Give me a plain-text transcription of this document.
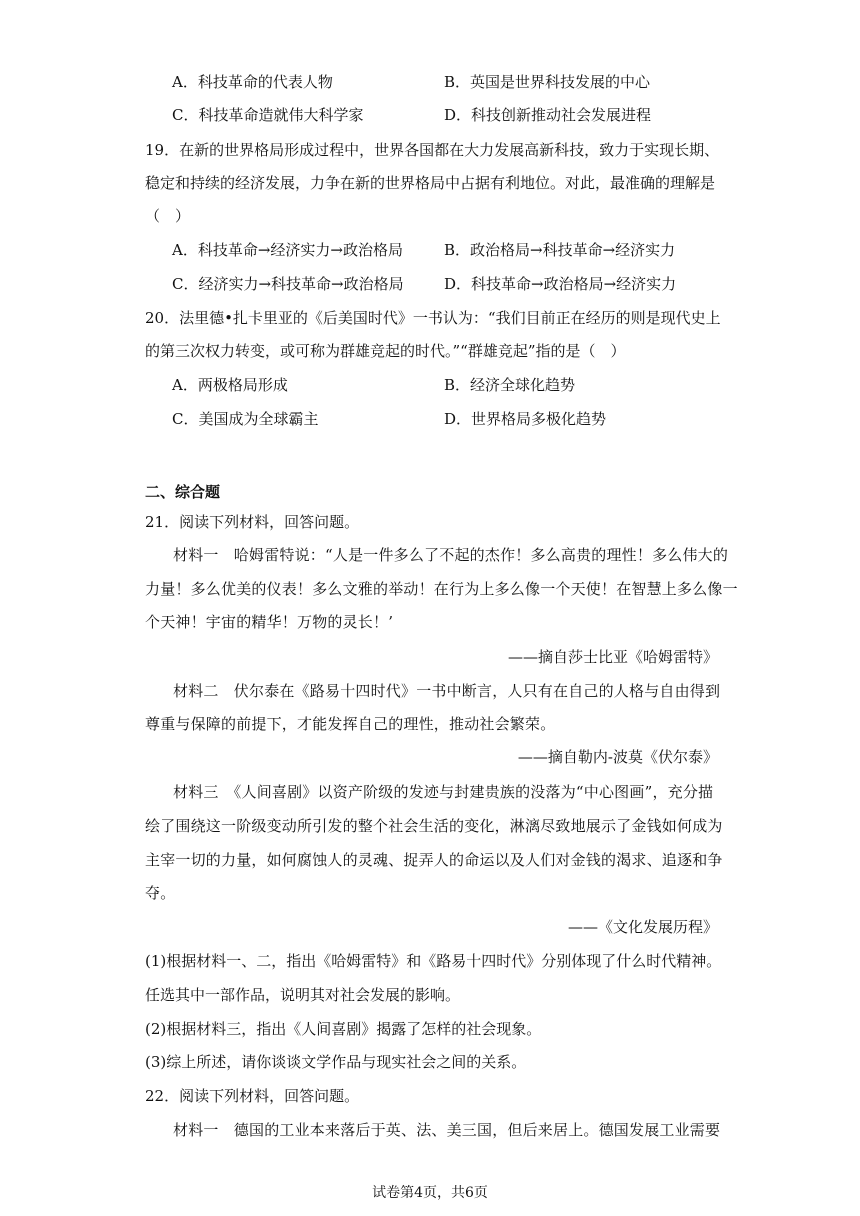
A．科技革命的代表人物	B．英国是世界科技发展的中心
C．科技革命造就伟大科学家	D．科技创新推动社会发展进程
19．在新的世界格局形成过程中，世界各国都在大力发展高新科技，致力于实现长期、
稳定和持续的经济发展，力争在新的世界格局中占据有利地位。对此，最准确的理解是
（　）
A．科技革命→经济实力→政治格局	B．政治格局→科技革命→经济实力
C．经济实力→科技革命→政治格局	D．科技革命→政治格局→经济实力
20．法里德•扎卡里亚的《后美国时代》一书认为：“我们目前正在经历的则是现代史上
的第三次权力转变，或可称为群雄竞起的时代。”“群雄竞起”指的是（　）
A．两极格局形成	B．经济全球化趋势
C．美国成为全球霸主	D．世界格局多极化趋势
二、综合题
21．阅读下列材料，回答问题。
材料一　哈姆雷特说：“人是一件多么了不起的杰作！多么高贵的理性！多么伟大的
力量！多么优美的仪表！多么文雅的举动！在行为上多么像一个天使！在智慧上多么像一
个天神！宇宙的精华！万物的灵长！’
——摘自莎士比亚《哈姆雷特》
材料二　伏尔泰在《路易十四时代》一书中断言，人只有在自己的人格与自由得到
尊重与保障的前提下，才能发挥自己的理性，推动社会繁荣。
——摘自勒内-波莫《伏尔泰》
材料三　《人间喜剧》以资产阶级的发迹与封建贵族的没落为“中心图画”，充分描
绘了围绕这一阶级变动所引发的整个社会生活的变化，淋漓尽致地展示了金钱如何成为
主宰一切的力量，如何腐蚀人的灵魂、捉弄人的命运以及人们对金钱的渴求、追逐和争
夺。
——《文化发展历程》
(1)根据材料一、二，指出《哈姆雷特》和《路易十四时代》分别体现了什么时代精神。
任选其中一部作品，说明其对社会发展的影响。
(2)根据材料三，指出《人间喜剧》揭露了怎样的社会现象。
(3)综上所述，请你谈谈文学作品与现实社会之间的关系。
22．阅读下列材料，回答问题。
材料一　德国的工业本来落后于英、法、美三国，但后来居上。德国发展工业需要
试卷第4页，共6页
